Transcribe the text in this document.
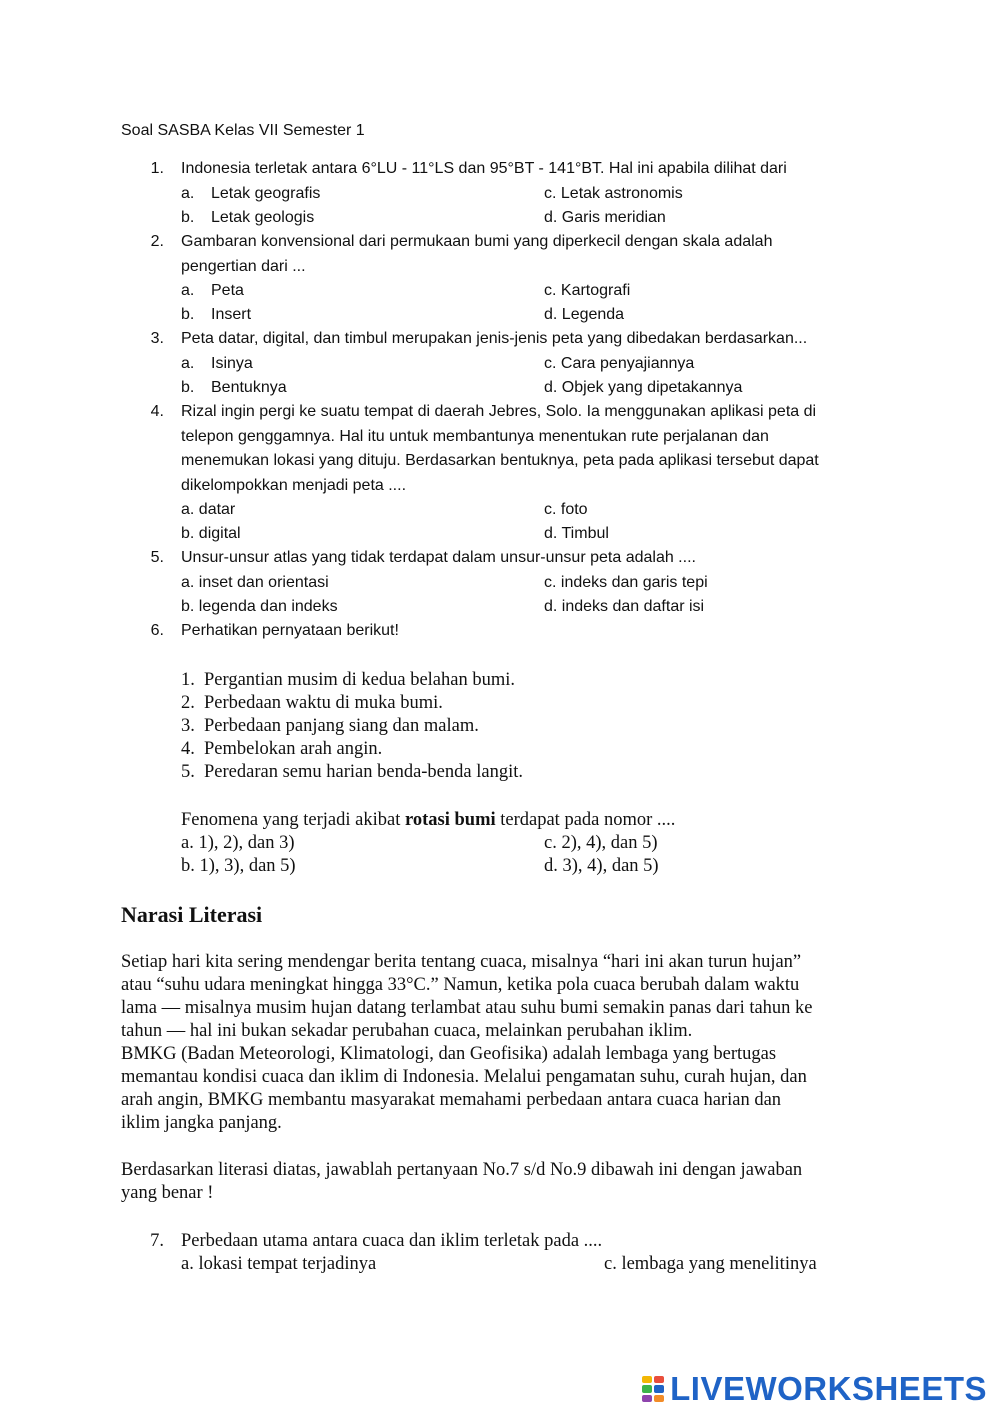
Soal SASBA Kelas VII Semester 1
1. Indonesia terletak antara 6°LU - 11°LS dan 95°BT - 141°BT. Hal ini apabila dilihat dari
a. Letak geografis	c. Letak astronomis
b. Letak geologis	d. Garis meridian
2. Gambaran konvensional dari permukaan bumi yang diperkecil dengan skala adalah
pengertian dari ...
a. Peta	c. Kartografi
b. Insert	d. Legenda
3. Peta datar, digital, dan timbul merupakan jenis-jenis peta yang dibedakan berdasarkan...
a. Isinya	c. Cara penyajiannya
b. Bentuknya	d. Objek yang dipetakannya
4. Rizal ingin pergi ke suatu tempat di daerah Jebres, Solo. Ia menggunakan aplikasi peta di
telepon genggamnya. Hal itu untuk membantunya menentukan rute perjalanan dan
menemukan lokasi yang dituju. Berdasarkan bentuknya, peta pada aplikasi tersebut dapat
dikelompokkan menjadi peta ....
a. datar	c. foto
b. digital	d. Timbul
5. Unsur-unsur atlas yang tidak terdapat dalam unsur-unsur peta adalah ....
a. inset dan orientasi	c. indeks dan garis tepi
b. legenda dan indeks	d. indeks dan daftar isi
6. Perhatikan pernyataan berikut!
1. Pergantian musim di kedua belahan bumi.
2. Perbedaan waktu di muka bumi.
3. Perbedaan panjang siang dan malam.
4. Pembelokan arah angin.
5. Peredaran semu harian benda-benda langit.
Fenomena yang terjadi akibat rotasi bumi terdapat pada nomor ....
a. 1), 2), dan 3)	c. 2), 4), dan 5)
b. 1), 3), dan 5)	d. 3), 4), dan 5)
Narasi Literasi
Setiap hari kita sering mendengar berita tentang cuaca, misalnya “hari ini akan turun hujan”
atau “suhu udara meningkat hingga 33°C.” Namun, ketika pola cuaca berubah dalam waktu
lama — misalnya musim hujan datang terlambat atau suhu bumi semakin panas dari tahun ke
tahun — hal ini bukan sekadar perubahan cuaca, melainkan perubahan iklim.
BMKG (Badan Meteorologi, Klimatologi, dan Geofisika) adalah lembaga yang bertugas
memantau kondisi cuaca dan iklim di Indonesia. Melalui pengamatan suhu, curah hujan, dan
arah angin, BMKG membantu masyarakat memahami perbedaan antara cuaca harian dan
iklim jangka panjang.
Berdasarkan literasi diatas, jawablah pertanyaan No.7 s/d No.9 dibawah ini dengan jawaban
yang benar !
7. Perbedaan utama antara cuaca dan iklim terletak pada ....
a. lokasi tempat terjadinya	c. lembaga yang menelitinya
LIVEWORKSHEETS
